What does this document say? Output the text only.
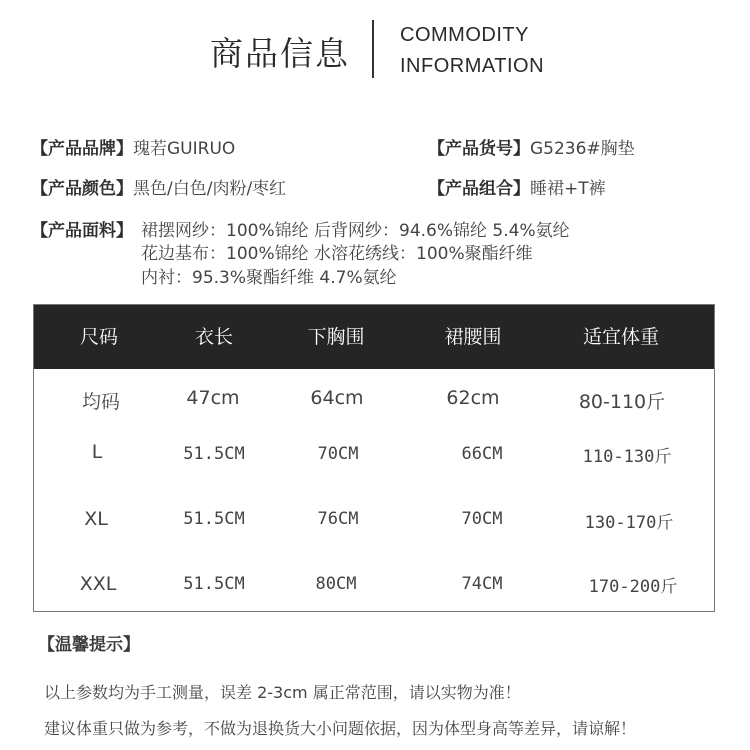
商品信息	COMMODITY
INFORMATION
【产品品牌】瑰若GUIRUO	【产品货号】G5236#胸垫
【产品颜色】黑色/白色/肉粉/枣红	【产品组合】睡裙+T裤
【产品面料】 裙摆网纱：100%锦纶 后背网纱：94.6%锦纶 5.4%氨纶
花边基布：100%锦纶 水溶花绣线：100%聚酯纤维
内衬：95.3%聚酯纤维 4.7%氨纶
尺码	衣长	下胸围	裙腰围	适宜体重
均码	47cm	64cm	62cm	80-110斤
L	51.5CM	70CM	66CM	110-130斤
XL	51.5CM	76CM	70CM	130-170斤
XXL	51.5CM	80CM	74CM	170-200斤
【温馨提示】
以上参数均为手工测量，误差 2-3cm 属正常范围，请以实物为准！
建议体重只做为参考，不做为退换货大小问题依据，因为体型身高等差异，请谅解！
